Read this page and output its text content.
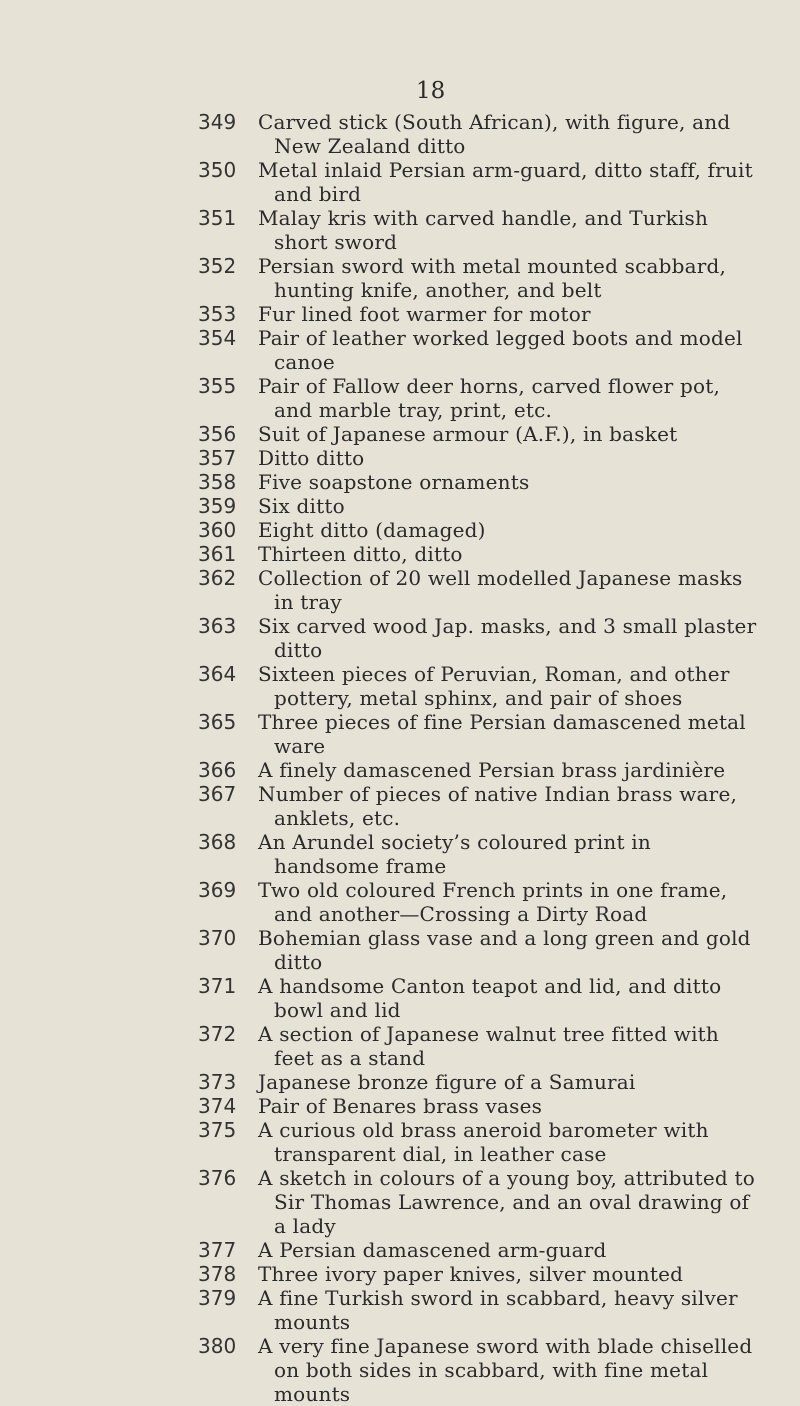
18
349	Carved stick (South African), with figure, and New Zealand ditto
350	Metal inlaid Persian arm-guard, ditto staff, fruit and bird
351	Malay kris with carved handle, and Turkish short sword
352	Persian sword with metal mounted scabbard, hunting knife, another, and belt
353	Fur lined foot warmer for motor
354	Pair of leather worked legged boots and model canoe
355	Pair of Fallow deer horns, carved flower pot, and marble tray, print, etc.
356	Suit of Japanese armour (A.F.), in basket
357	Ditto ditto
358	Five soapstone ornaments
359	Six ditto
360	Eight ditto (damaged)
361	Thirteen ditto, ditto
362	Collection of 20 well modelled Japanese masks in tray
363	Six carved wood Jap. masks, and 3 small plaster ditto
364	Sixteen pieces of Peruvian, Roman, and other pottery, metal sphinx, and pair of shoes
365	Three pieces of fine Persian damascened metal ware
366	A finely damascened Persian brass jardinière
367	Number of pieces of native Indian brass ware, anklets, etc.
368	An Arundel society’s coloured print in handsome frame
369	Two old coloured French prints in one frame, and another—Crossing a Dirty Road
370	Bohemian glass vase and a long green and gold ditto
371	A handsome Canton teapot and lid, and ditto bowl and lid
372	A section of Japanese walnut tree fitted with feet as a stand
373	Japanese bronze figure of a Samurai
374	Pair of Benares brass vases
375	A curious old brass aneroid barometer with transparent dial, in leather case
376	A sketch in colours of a young boy, attributed to Sir Thomas Lawrence, and an oval drawing of a lady
377	A Persian damascened arm-guard
378	Three ivory paper knives, silver mounted
379	A fine Turkish sword in scabbard, heavy silver mounts
380	A very fine Japanese sword with blade chiselled on both sides in scabbard, with fine metal mounts
